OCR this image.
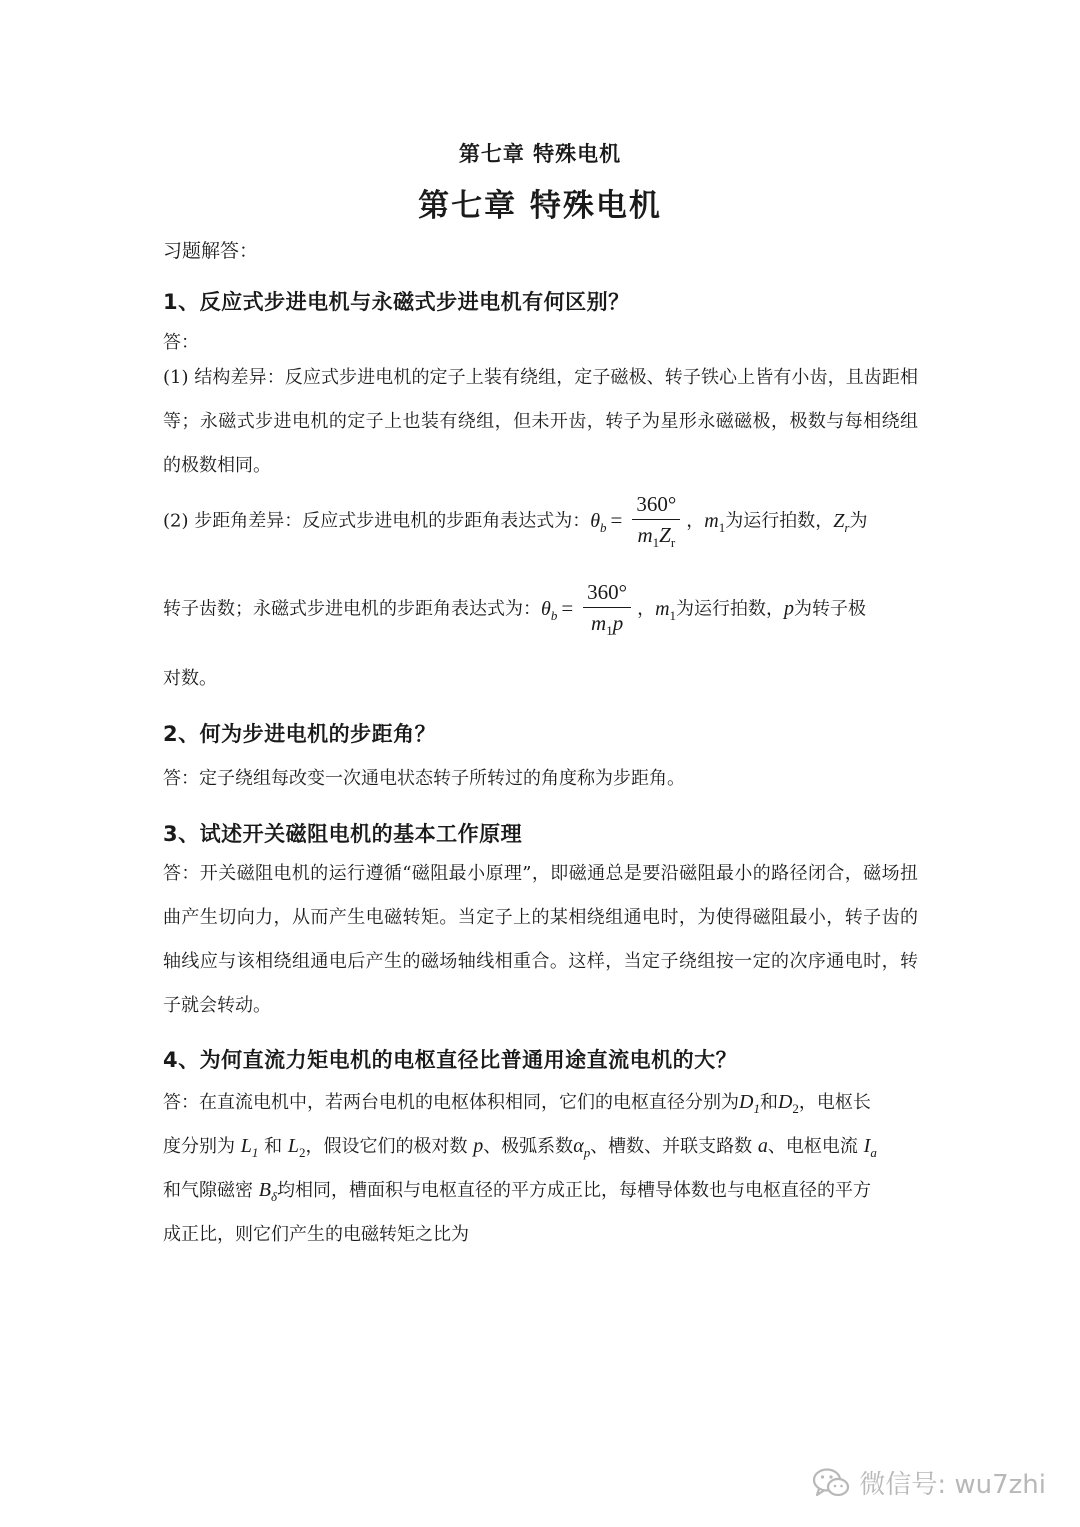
第七章 特殊电机
第七章 特殊电机
习题解答：
1、反应式步进电机与永磁式步进电机有何区别？
答：
(1) 结构差异：反应式步进电机的定子上装有绕组，定子磁极、转子铁心上皆有小齿，且齿距相等；永磁式步进电机的定子上也装有绕组，但未开齿，转子为星形永磁磁极，极数与每相绕组的极数相同。
(2) 步距角差异：反应式步进电机的步距角表达式为：$\theta_b = \frac{360^\circ}{m_1Z_r}$ ，$m_1$为运行拍数，$Z_r$为
转子齿数；永磁式步进电机的步距角表达式为：$\theta_b = \frac{360^\circ}{m_1p}$ ，$m_1$为运行拍数，p为转子极
对数。
2、何为步进电机的步距角？
答：定子绕组每改变一次通电状态转子所转过的角度称为步距角。
3、试述开关磁阻电机的基本工作原理
答：开关磁阻电机的运行遵循“磁阻最小原理”，即磁通总是要沿磁阻最小的路径闭合，磁场扭曲产生切向力，从而产生电磁转矩。当定子上的某相绕组通电时，为使得磁阻最小，转子齿的轴线应与该相绕组通电后产生的磁场轴线相重合。这样，当定子绕组按一定的次序通电时，转子就会转动。
4、为何直流力矩电机的电枢直径比普通用途直流电机的大？
答：在直流电机中，若两台电机的电枢体积相同，它们的电枢直径分别为$D_1$和$D_2$，电枢长
度分别为 $L_1$ 和 $L_2$，假设它们的极对数 p、极弧系数$\alpha_p$、槽数、并联支路数 a、电枢电流 $I_a$
和气隙磁密 $B_\delta$均相同，槽面积与电枢直径的平方成正比，每槽导体数也与电枢直径的平方
成正比，则它们产生的电磁转矩之比为
微信号: wu7zhi
